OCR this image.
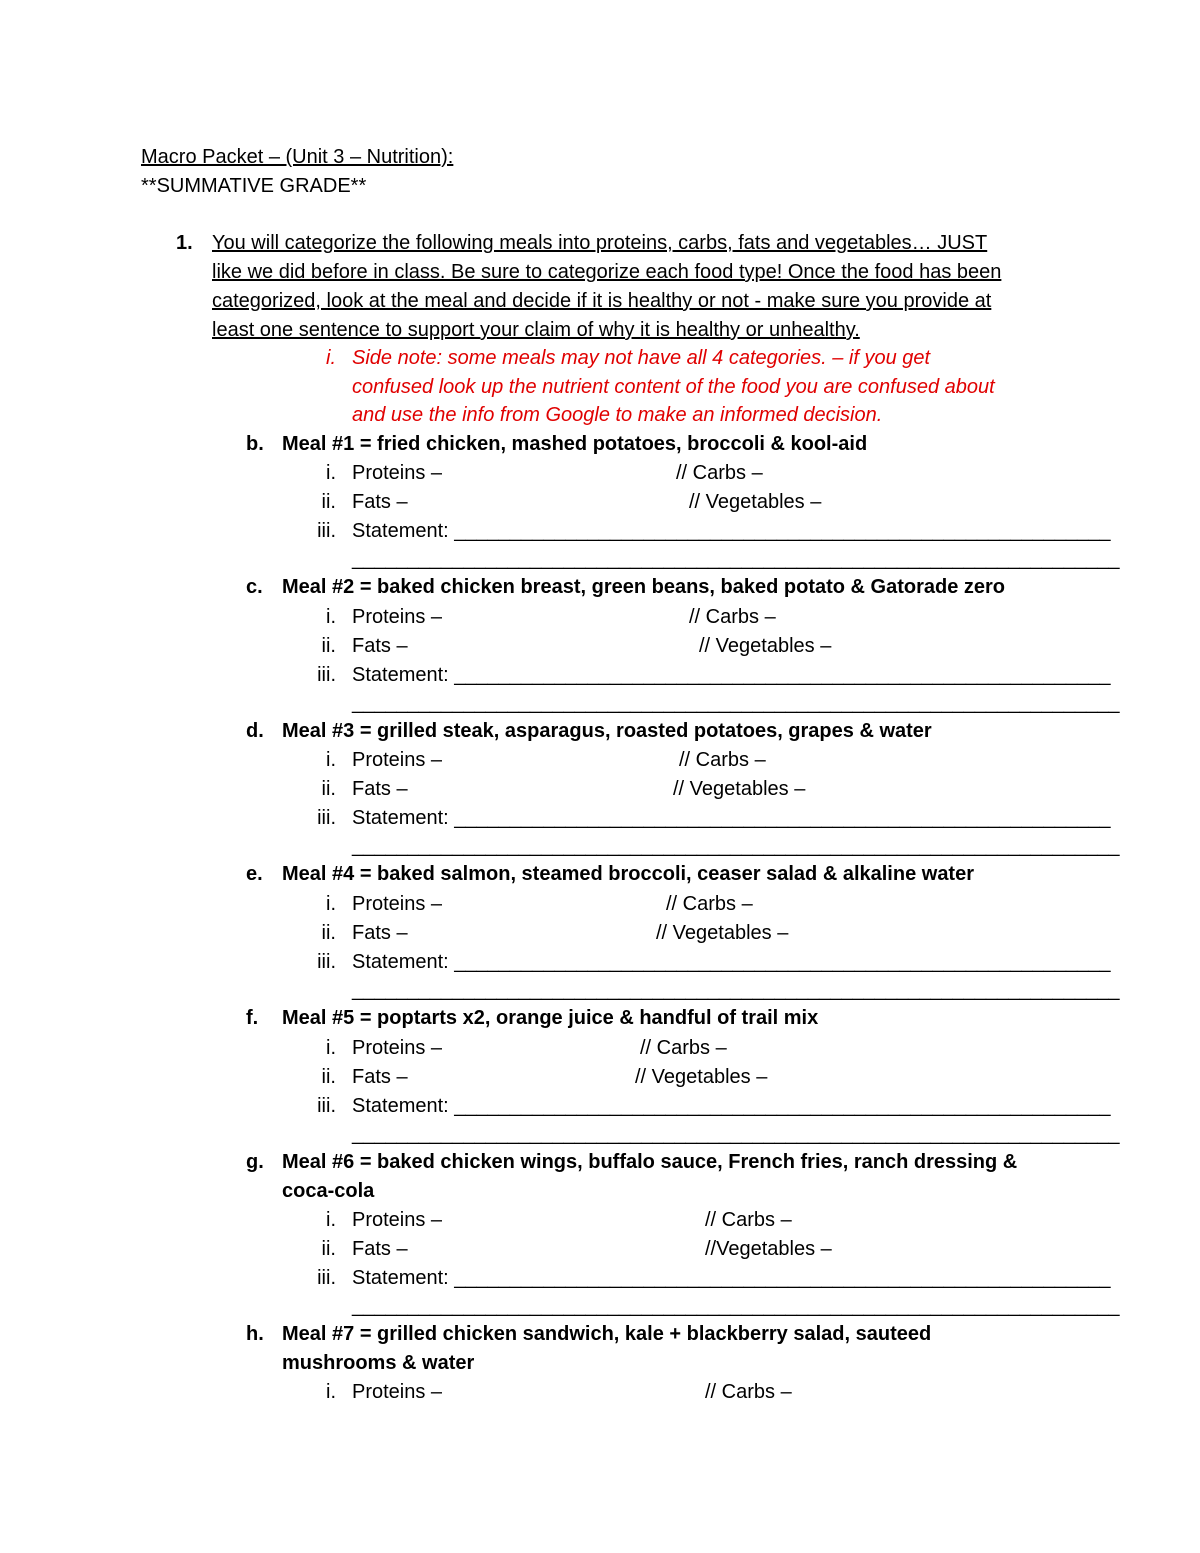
Macro Packet – (Unit 3 – Nutrition):
**SUMMATIVE GRADE**
1. You will categorize the following meals into proteins, carbs, fats and vegetables… JUST
like we did before in class. Be sure to categorize each food type! Once the food has been
categorized, look at the meal and decide if it is healthy or not - make sure you provide at
least one sentence to support your claim of why it is healthy or unhealthy.
i. Side note: some meals may not have all 4 categories. – if you get
confused look up the nutrient content of the food you are confused about
and use the info from Google to make an informed decision.
b. Meal #1 = fried chicken, mashed potatoes, broccoli & kool-aid
i. Proteins –	// Carbs –
ii. Fats –	// Vegetables –
iii. Statement: ___________________________________________________________
_____________________________________________________________________
c. Meal #2 = baked chicken breast, green beans, baked potato & Gatorade zero
i. Proteins –	// Carbs –
ii. Fats –	// Vegetables –
iii. Statement: ___________________________________________________________
_____________________________________________________________________
d. Meal #3 = grilled steak, asparagus, roasted potatoes, grapes & water
i. Proteins –	// Carbs –
ii. Fats –	// Vegetables –
iii. Statement: ___________________________________________________________
_____________________________________________________________________
e. Meal #4 = baked salmon, steamed broccoli, ceaser salad & alkaline water
i. Proteins –	// Carbs –
ii. Fats –	// Vegetables –
iii. Statement: ___________________________________________________________
_____________________________________________________________________
f. Meal #5 = poptarts x2, orange juice & handful of trail mix
i. Proteins –	// Carbs –
ii. Fats –	// Vegetables –
iii. Statement: ___________________________________________________________
_____________________________________________________________________
g. Meal #6 = baked chicken wings, buffalo sauce, French fries, ranch dressing &
coca-cola
i. Proteins –	// Carbs –
ii. Fats –	//Vegetables –
iii. Statement: ___________________________________________________________
_____________________________________________________________________
h. Meal #7 = grilled chicken sandwich, kale + blackberry salad, sauteed
mushrooms & water
i. Proteins –	// Carbs –
